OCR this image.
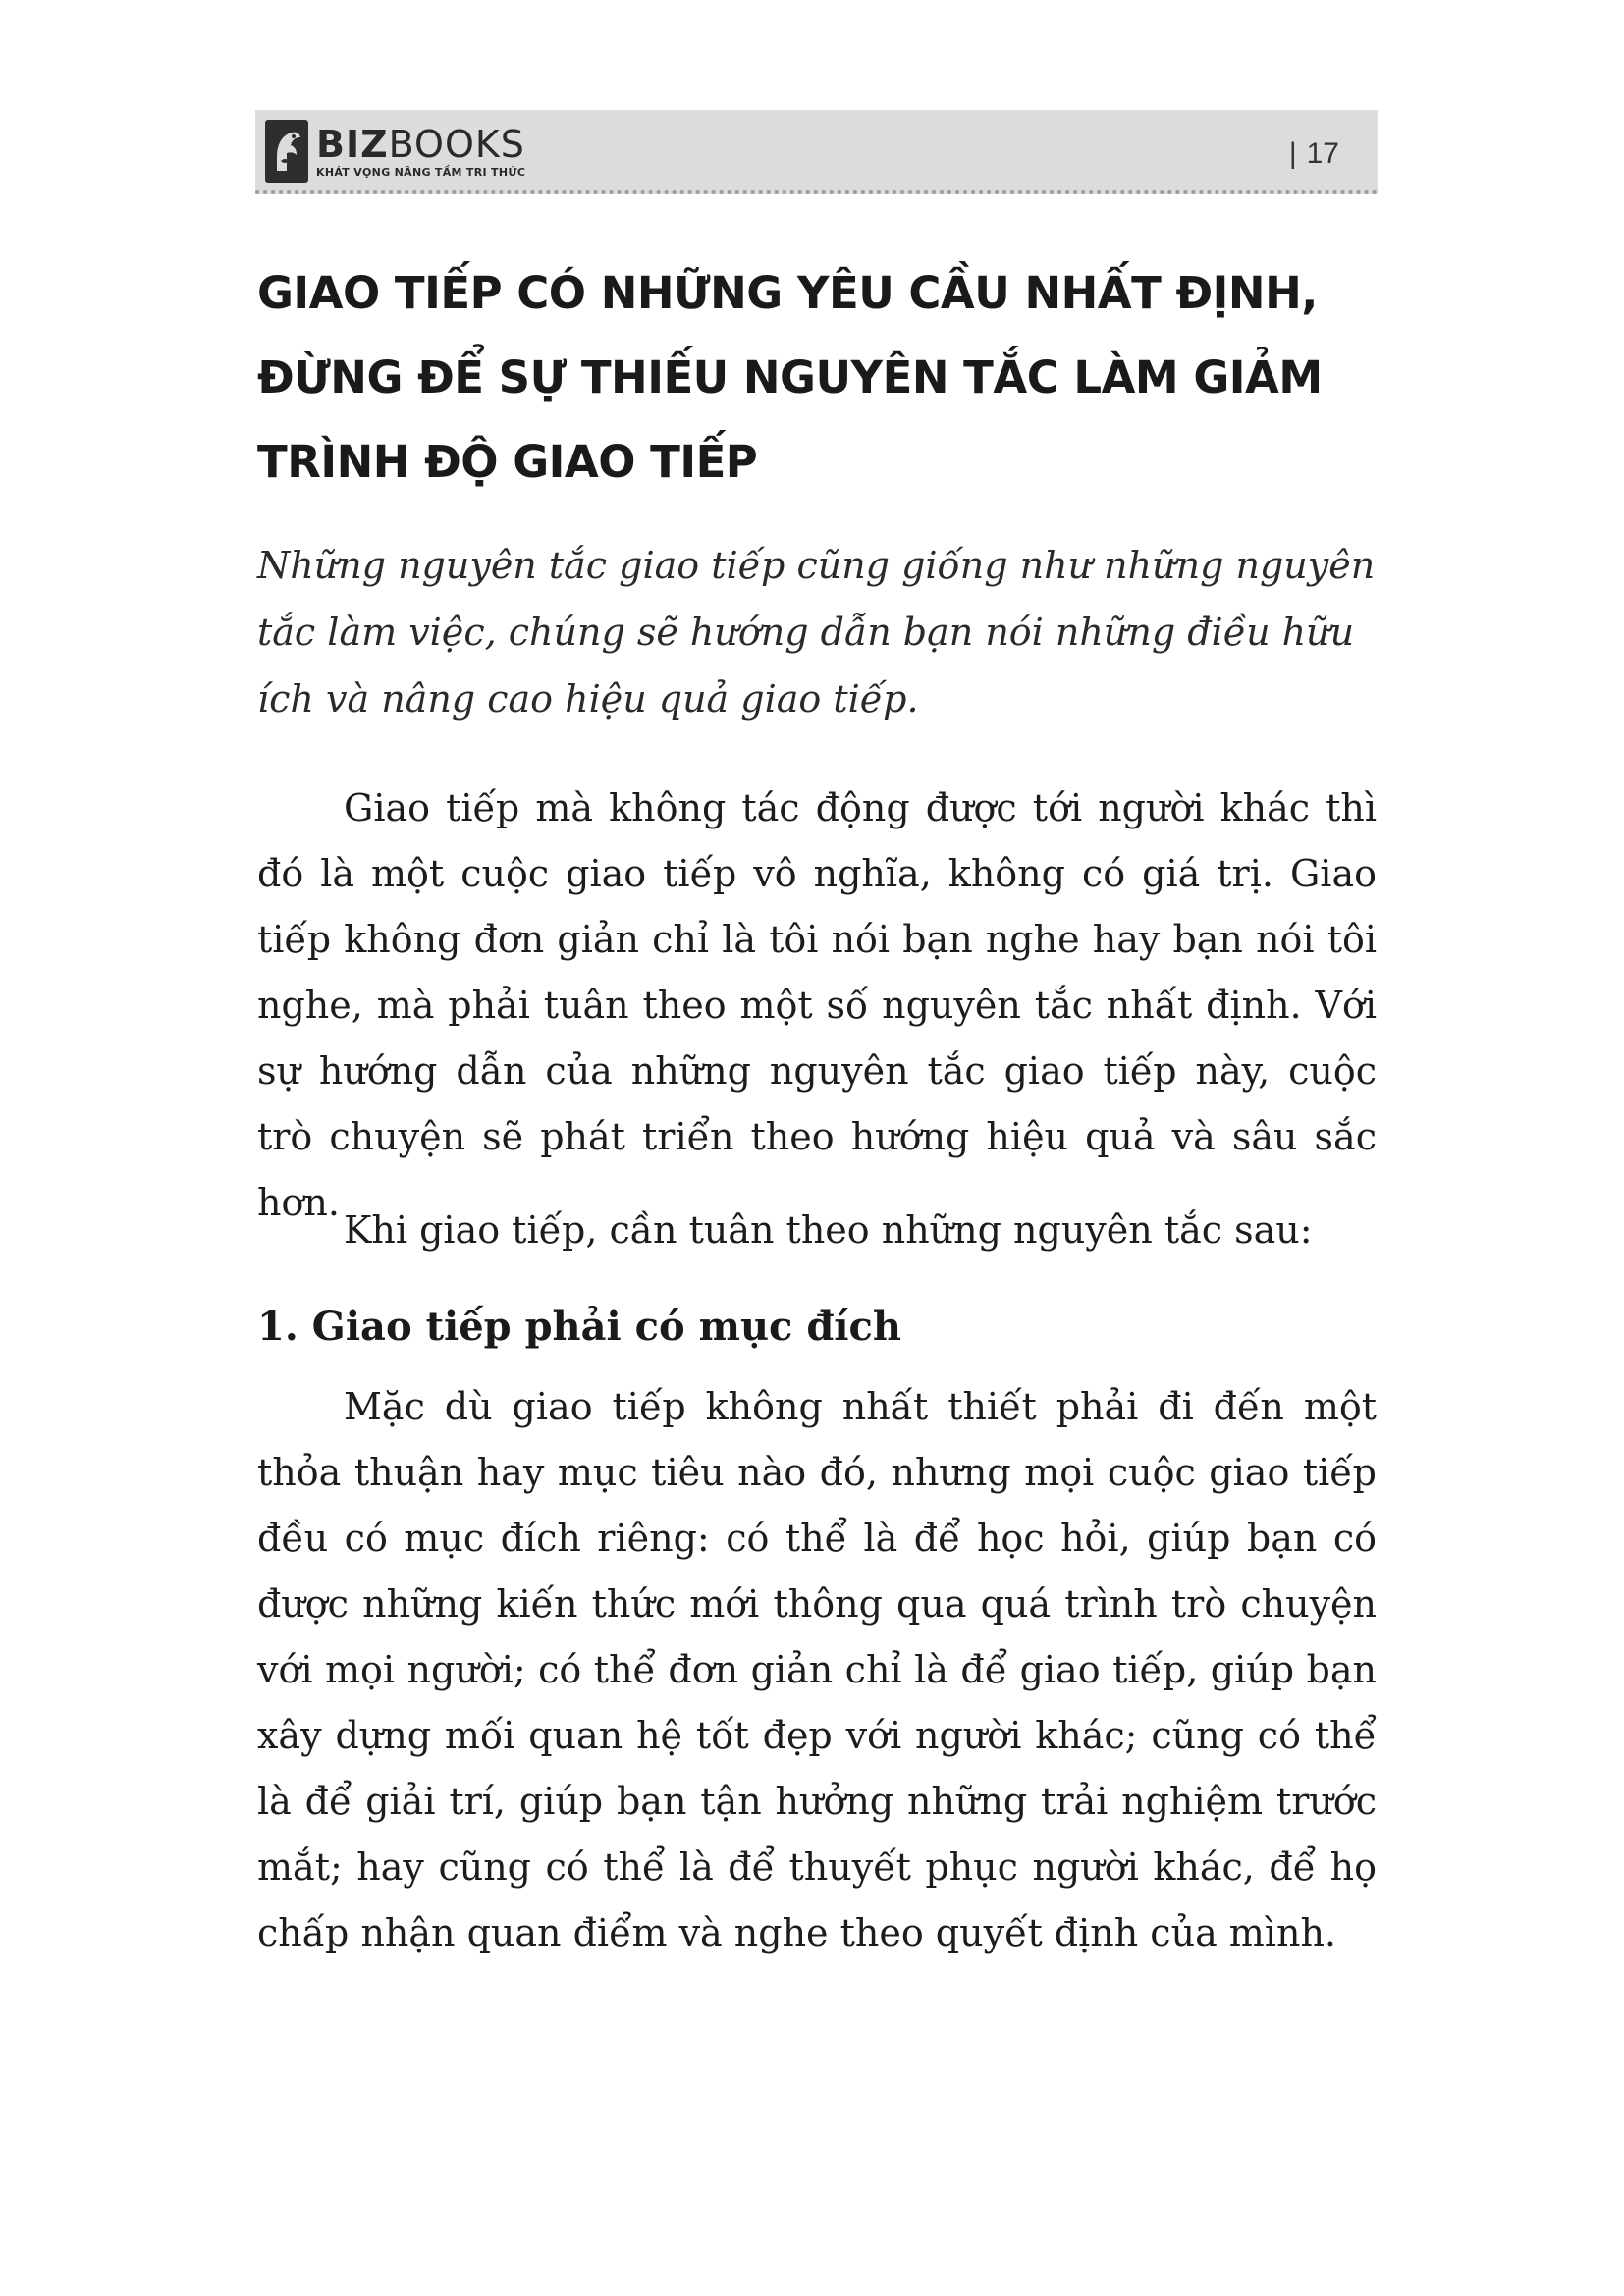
BIZBOOKS
KHÁT VỌNG NÂNG TẦM TRI THỨC
| 17
GIAO TIẾP CÓ NHỮNG YÊU CẦU NHẤT ĐỊNH, ĐỪNG ĐỂ SỰ THIẾU NGUYÊN TẮC LÀM GIẢM TRÌNH ĐỘ GIAO TIẾP

Những nguyên tắc giao tiếp cũng giống như những nguyên tắc làm việc, chúng sẽ hướng dẫn bạn nói những điều hữu ích và nâng cao hiệu quả giao tiếp.

Giao tiếp mà không tác động được tới người khác thì đó là một cuộc giao tiếp vô nghĩa, không có giá trị. Giao tiếp không đơn giản chỉ là tôi nói bạn nghe hay bạn nói tôi nghe, mà phải tuân theo một số nguyên tắc nhất định. Với sự hướng dẫn của những nguyên tắc giao tiếp này, cuộc trò chuyện sẽ phát triển theo hướng hiệu quả và sâu sắc hơn.

Khi giao tiếp, cần tuân theo những nguyên tắc sau:

1. Giao tiếp phải có mục đích

Mặc dù giao tiếp không nhất thiết phải đi đến một thỏa thuận hay mục tiêu nào đó, nhưng mọi cuộc giao tiếp đều có mục đích riêng: có thể là để học hỏi, giúp bạn có được những kiến thức mới thông qua quá trình trò chuyện với mọi người; có thể đơn giản chỉ là để giao tiếp, giúp bạn xây dựng mối quan hệ tốt đẹp với người khác; cũng có thể là để giải trí, giúp bạn tận hưởng những trải nghiệm trước mắt; hay cũng có thể là để thuyết phục người khác, để họ chấp nhận quan điểm và nghe theo quyết định của mình.
